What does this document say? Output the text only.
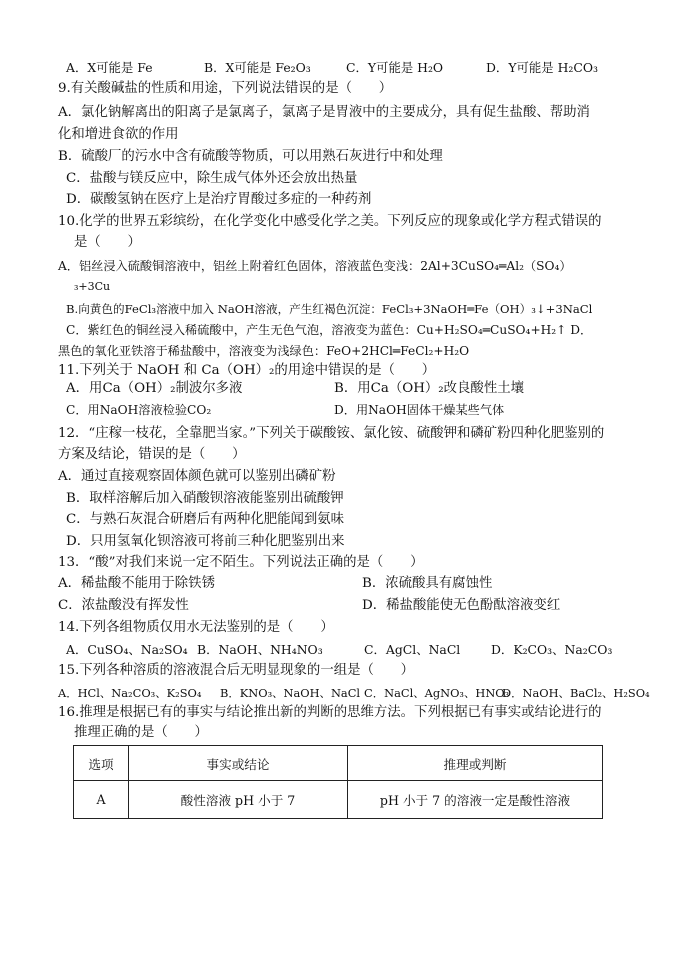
A．X可能是 Fe	B．X可能是 Fe₂O₃	C．Y可能是 H₂O	D．Y可能是 H₂CO₃
9.有关酸碱盐的性质和用途，下列说法错误的是（　　）
A．氯化钠解离出的阳离子是氯离子，氯离子是胃液中的主要成分，具有促生盐酸、帮助消
化和增进食欲的作用
B．硫酸厂的污水中含有硫酸等物质，可以用熟石灰进行中和处理
C．盐酸与镁反应中，除生成气体外还会放出热量
D．碳酸氢钠在医疗上是治疗胃酸过多症的一种药剂
10.化学的世界五彩缤纷，在化学变化中感受化学之美。下列反应的现象或化学方程式错误的
是（　　）
A．铝丝浸入硫酸铜溶液中，铝丝上附着红色固体，溶液蓝色变浅：2Al+3CuSO₄═Al₂（SO₄）
₃+3Cu
B.向黄色的FeCl₃溶液中加入 NaOH溶液，产生红褐色沉淀：FeCl₃+3NaOH═Fe（OH）₃↓+3NaCl
C．紫红色的铜丝浸入稀硫酸中，产生无色气泡，溶液变为蓝色：Cu+H₂SO₄═CuSO₄+H₂↑ D．
黑色的氧化亚铁溶于稀盐酸中，溶液变为浅绿色：FeO+2HCl═FeCl₂+H₂O
11.下列关于 NaOH 和 Ca（OH）₂的用途中错误的是（　　）
A．用Ca（OH）₂制波尔多液	B．用Ca（OH）₂改良酸性土壤
C．用NaOH溶液检验CO₂	D．用NaOH固体干燥某些气体
12．“庄稼一枝花，全靠肥当家。”下列关于碳酸铵、氯化铵、硫酸钾和磷矿粉四种化肥鉴别的
方案及结论，错误的是（　　）
A．通过直接观察固体颜色就可以鉴别出磷矿粉
B．取样溶解后加入硝酸钡溶液能鉴别出硫酸钾
C．与熟石灰混合研磨后有两种化肥能闻到氨味
D．只用氢氧化钡溶液可将前三种化肥鉴别出来
13．“酸”对我们来说一定不陌生。下列说法正确的是（　　）
A．稀盐酸不能用于除铁锈	B．浓硫酸具有腐蚀性
C．浓盐酸没有挥发性	D．稀盐酸能使无色酚酞溶液变红
14.下列各组物质仅用水无法鉴别的是（　　）
A．CuSO₄、Na₂SO₄ B．NaOH、NH₄NO₃	C．AgCl、NaCl D．K₂CO₃、Na₂CO₃
15.下列各种溶质的溶液混合后无明显现象的一组是（　　）
A．HCl、Na₂CO₃、K₂SO₄ B．KNO₃、NaOH、NaCl C．NaCl、AgNO₃、HNO₃
D．NaOH、BaCl₂、H₂SO₄
16.推理是根据已有的事实与结论推出新的判断的思维方法。下列根据已有事实或结论进行的
推理正确的是（　　）
选项	事实或结论	推理或判断
A	酸性溶液 pH 小于 7	pH 小于 7 的溶液一定是酸性溶液
